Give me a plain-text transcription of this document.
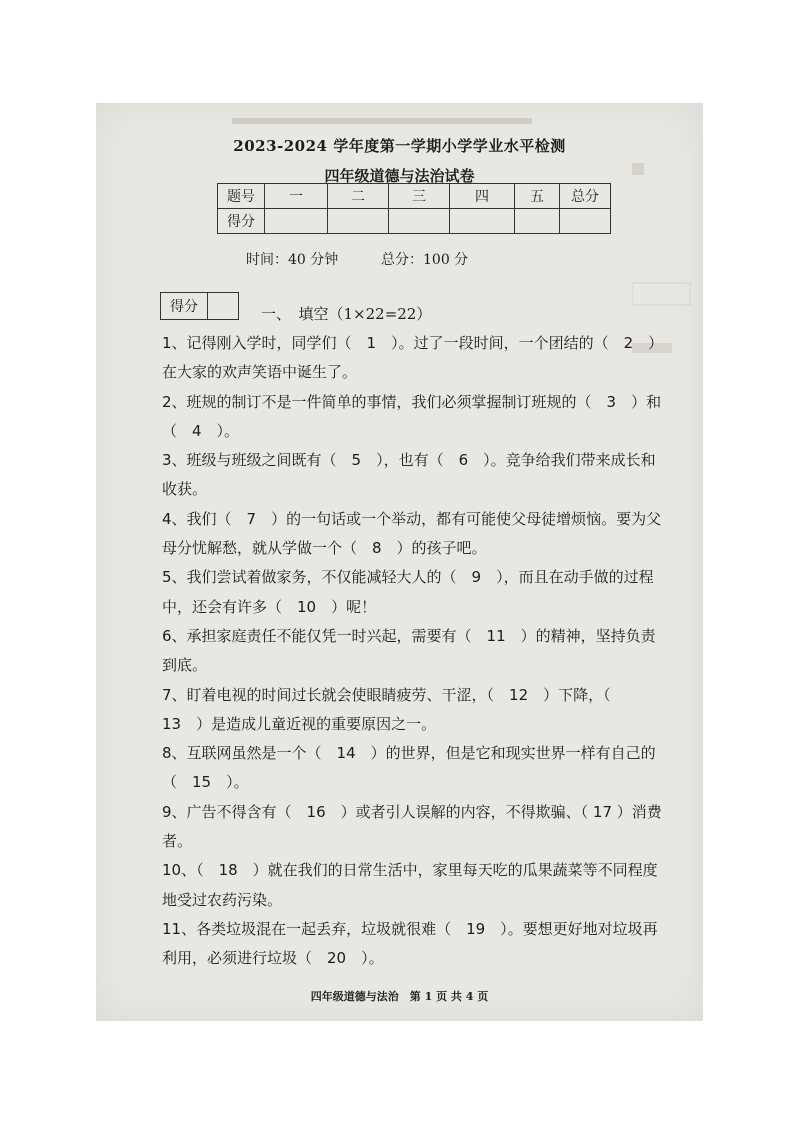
2023-2024 学年度第一学期小学学业水平检测
四年级道德与法治试卷
题号	一	二	三	四	五	总分
得分						
时间：40 分钟	总分：100 分
得分		一、　填空（1×22=22）

1、记得刚入学时，同学们（　1　）。过了一段时间，一个团结的（　2　）在大家的欢声笑语中诞生了。

2、班规的制订不是一件简单的事情，我们必须掌握制订班规的（　3　）和（　4　）。

3、班级与班级之间既有（　5　），也有（　6　）。竞争给我们带来成长和收获。

4、我们（　7　）的一句话或一个举动，都有可能使父母徒增烦恼。要为父母分忧解愁，就从学做一个（　8　）的孩子吧。

5、我们尝试着做家务，不仅能减轻大人的（　9　），而且在动手做的过程中，还会有许多（　10　）呢！

6、承担家庭责任不能仅凭一时兴起，需要有（　11　）的精神，坚持负责到底。

7、盯着电视的时间过长就会使眼睛疲劳、干涩，（　12　）下降，（　13　）是造成儿童近视的重要原因之一。

8、互联网虽然是一个（　14　）的世界，但是它和现实世界一样有自己的（　15　）。

9、广告不得含有（　16　）或者引人误解的内容，不得欺骗、（ 17 ）消费者。

10、（　18　）就在我们的日常生活中，家里每天吃的瓜果蔬菜等不同程度地受过农药污染。

11、各类垃圾混在一起丢弃，垃圾就很难（　19　）。要想更好地对垃圾再利用，必须进行垃圾（　20　）。

四年级道德与法治　第 1 页 共 4 页
